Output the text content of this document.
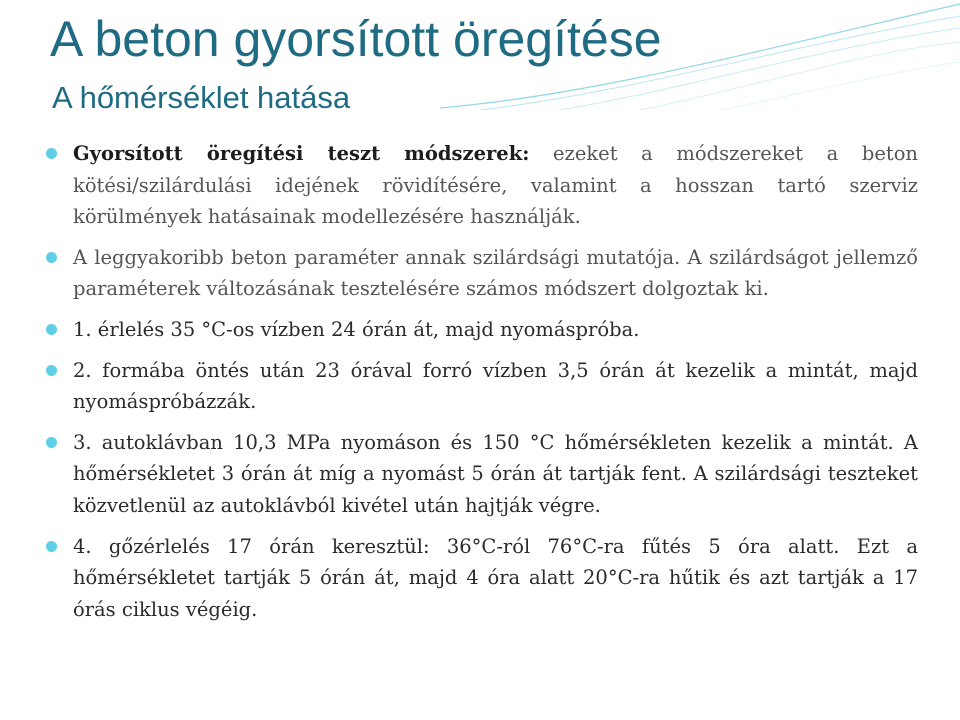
A beton gyorsított öregítése
A hőmérséklet hatása
Gyorsított öregítési teszt módszerek: ezeket a módszereket a beton kötési/szilárdulási idejének rövidítésére, valamint a hosszan tartó szerviz körülmények hatásainak modellezésére használják.
A leggyakoribb beton paraméter annak szilárdsági mutatója. A szilárdságot jellemző paraméterek változásának tesztelésére számos módszert dolgoztak ki.
1. érlelés 35 °C-os vízben 24 órán át, majd nyomáspróba.
2. formába öntés után 23 órával forró vízben 3,5 órán át kezelik a mintát, majd nyomáspróbázzák.
3. autoklávban 10,3 MPa nyomáson és 150 °C hőmérsékleten kezelik a mintát. A hőmérsékletet 3 órán át míg a nyomást 5 órán át tartják fent. A szilárdsági teszteket közvetlenül az autoklávból kivétel után hajtják végre.
4. gőzérlelés 17 órán keresztül: 36°C-ról 76°C-ra fűtés 5 óra alatt. Ezt a hőmérsékletet tartják 5 órán át, majd 4 óra alatt 20°C-ra hűtik és azt tartják a 17 órás ciklus végéig.
